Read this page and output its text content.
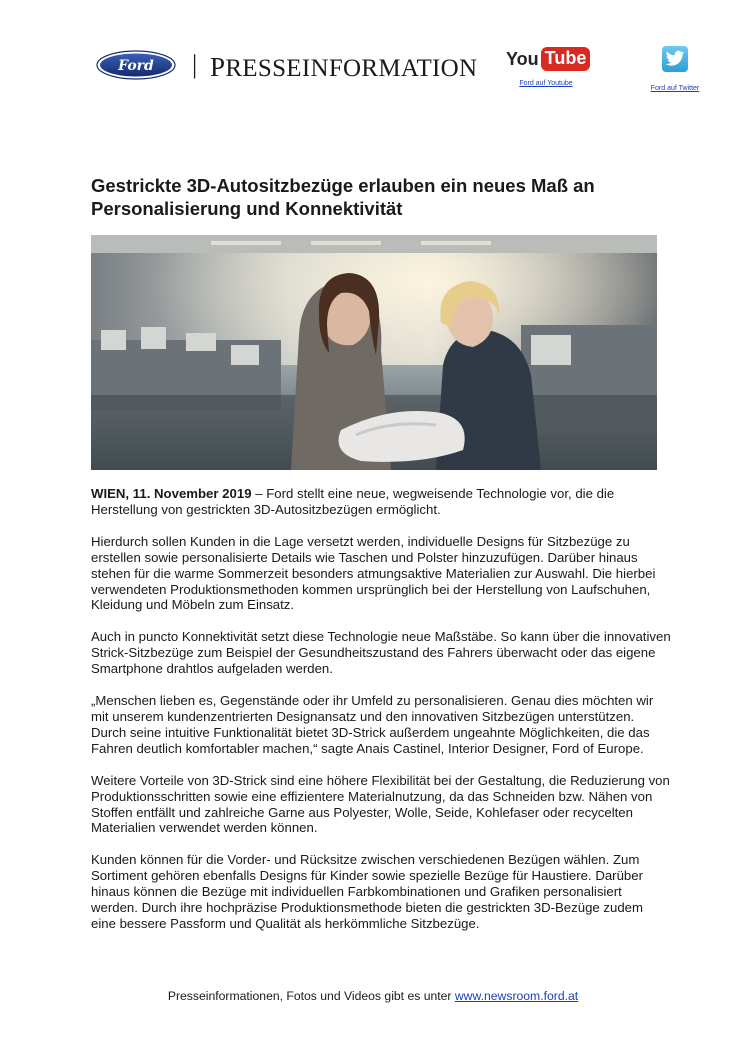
Ford | PRESSEINFORMATION You Tube
Ford auf Youtube
Ford auf Twitter
Gestrickte 3D-Autositzbezüge erlauben ein neues Maß an Personalisierung und Konnektivität

WIEN, 11. November 2019 – Ford stellt eine neue, wegweisende Technologie vor, die die Herstellung von gestrickten 3D-Autositzbezügen ermöglicht.

Hierdurch sollen Kunden in die Lage versetzt werden, individuelle Designs für Sitzbezüge zu erstellen sowie personalisierte Details wie Taschen und Polster hinzuzufügen. Darüber hinaus stehen für die warme Sommerzeit besonders atmungsaktive Materialien zur Auswahl. Die hierbei verwendeten Produktionsmethoden kommen ursprünglich bei der Herstellung von Laufschuhen, Kleidung und Möbeln zum Einsatz.

Auch in puncto Konnektivität setzt diese Technologie neue Maßstäbe. So kann über die innovativen Strick-Sitzbezüge zum Beispiel der Gesundheitszustand des Fahrers überwacht oder das eigene Smartphone drahtlos aufgeladen werden.

„Menschen lieben es, Gegenstände oder ihr Umfeld zu personalisieren. Genau dies möchten wir mit unserem kundenzentrierten Designansatz und den innovativen Sitzbezügen unterstützen. Durch seine intuitive Funktionalität bietet 3D-Strick außerdem ungeahnte Möglichkeiten, die das Fahren deutlich komfortabler machen,“ sagte Anais Castinel, Interior Designer, Ford of Europe.

Weitere Vorteile von 3D-Strick sind eine höhere Flexibilität bei der Gestaltung, die Reduzierung von Produktionsschritten sowie eine effizientere Materialnutzung, da das Schneiden bzw. Nähen von Stoffen entfällt und zahlreiche Garne aus Polyester, Wolle, Seide, Kohlefaser oder recycelten Materialien verwendet werden können.

Kunden können für die Vorder- und Rücksitze zwischen verschiedenen Bezügen wählen. Zum Sortiment gehören ebenfalls Designs für Kinder sowie spezielle Bezüge für Haustiere. Darüber hinaus können die Bezüge mit individuellen Farbkombinationen und Grafiken personalisiert werden. Durch ihre hochpräzise Produktionsmethode bieten die gestrickten 3D-Bezüge zudem eine bessere Passform und Qualität als herkömmliche Sitzbezüge.

Presseinformationen, Fotos und Videos gibt es unter www.newsroom.ford.at
